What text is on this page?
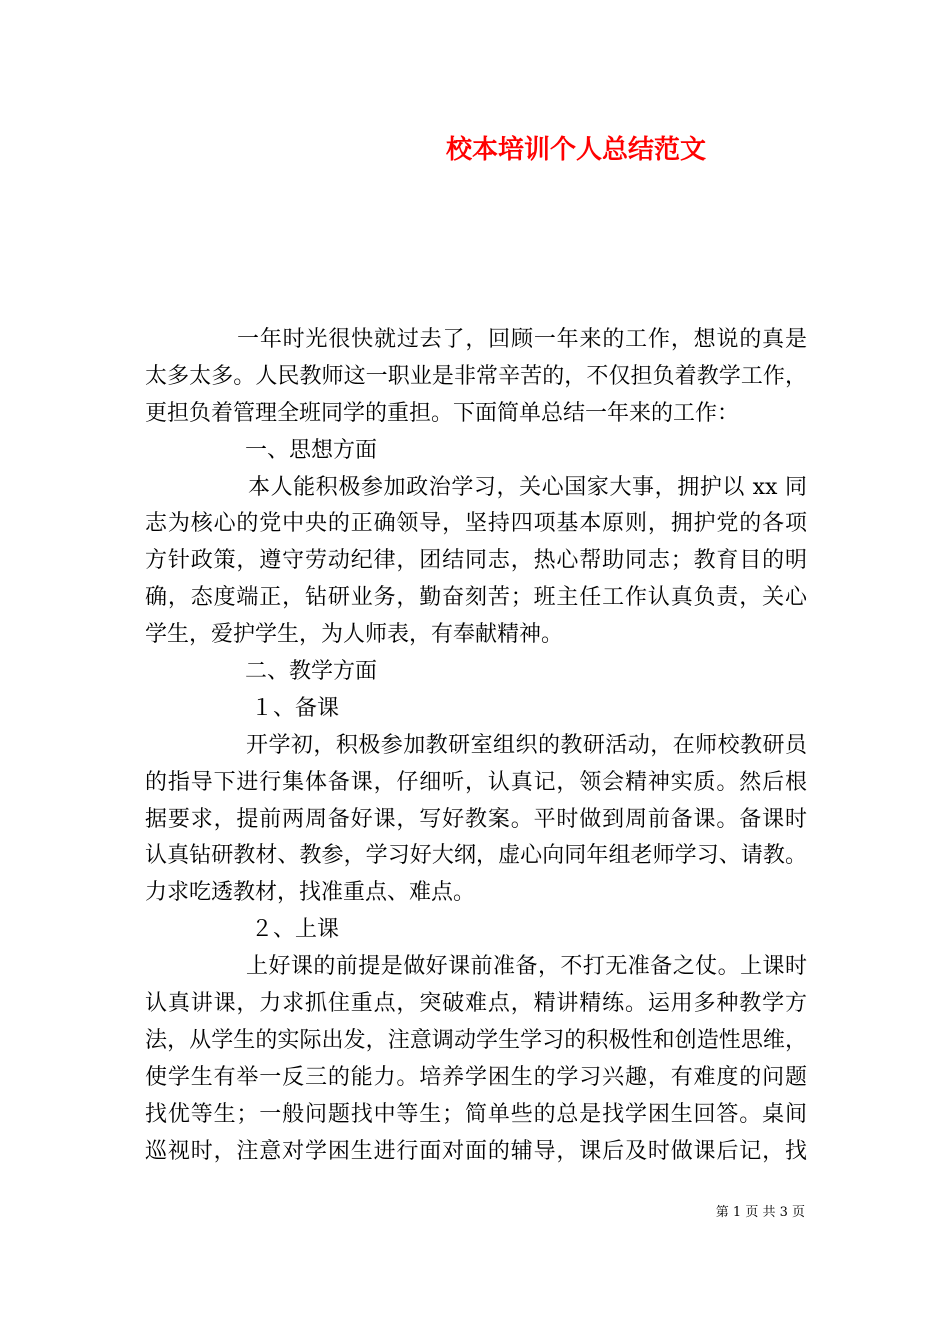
校本培训个人总结范文
一年时光很快就过去了，回顾一年来的工作，想说的真是
太多太多。人民教师这一职业是非常辛苦的，不仅担负着教学工作，
更担负着管理全班同学的重担。下面简单总结一年来的工作：
一、思想方面
本人能积极参加政治学习，关心国家大事，拥护以 xx 同
志为核心的党中央的正确领导，坚持四项基本原则，拥护党的各项
方针政策，遵守劳动纪律，团结同志，热心帮助同志；教育目的明
确，态度端正，钻研业务，勤奋刻苦；班主任工作认真负责，关心
学生，爱护学生，为人师表，有奉献精神。
二、教学方面
１、备课
开学初，积极参加教研室组织的教研活动，在师校教研员
的指导下进行集体备课，仔细听，认真记，领会精神实质。然后根
据要求，提前两周备好课，写好教案。平时做到周前备课。备课时
认真钻研教材、教参，学习好大纲，虚心向同年组老师学习、请教。
力求吃透教材，找准重点、难点。
２、上课
上好课的前提是做好课前准备，不打无准备之仗。上课时
认真讲课，力求抓住重点，突破难点，精讲精练。运用多种教学方
法，从学生的实际出发，注意调动学生学习的积极性和创造性思维，
使学生有举一反三的能力。培养学困生的学习兴趣，有难度的问题
找优等生；一般问题找中等生；简单些的总是找学困生回答。桌间
巡视时，注意对学困生进行面对面的辅导，课后及时做课后记，找
第 1 页 共 3 页
